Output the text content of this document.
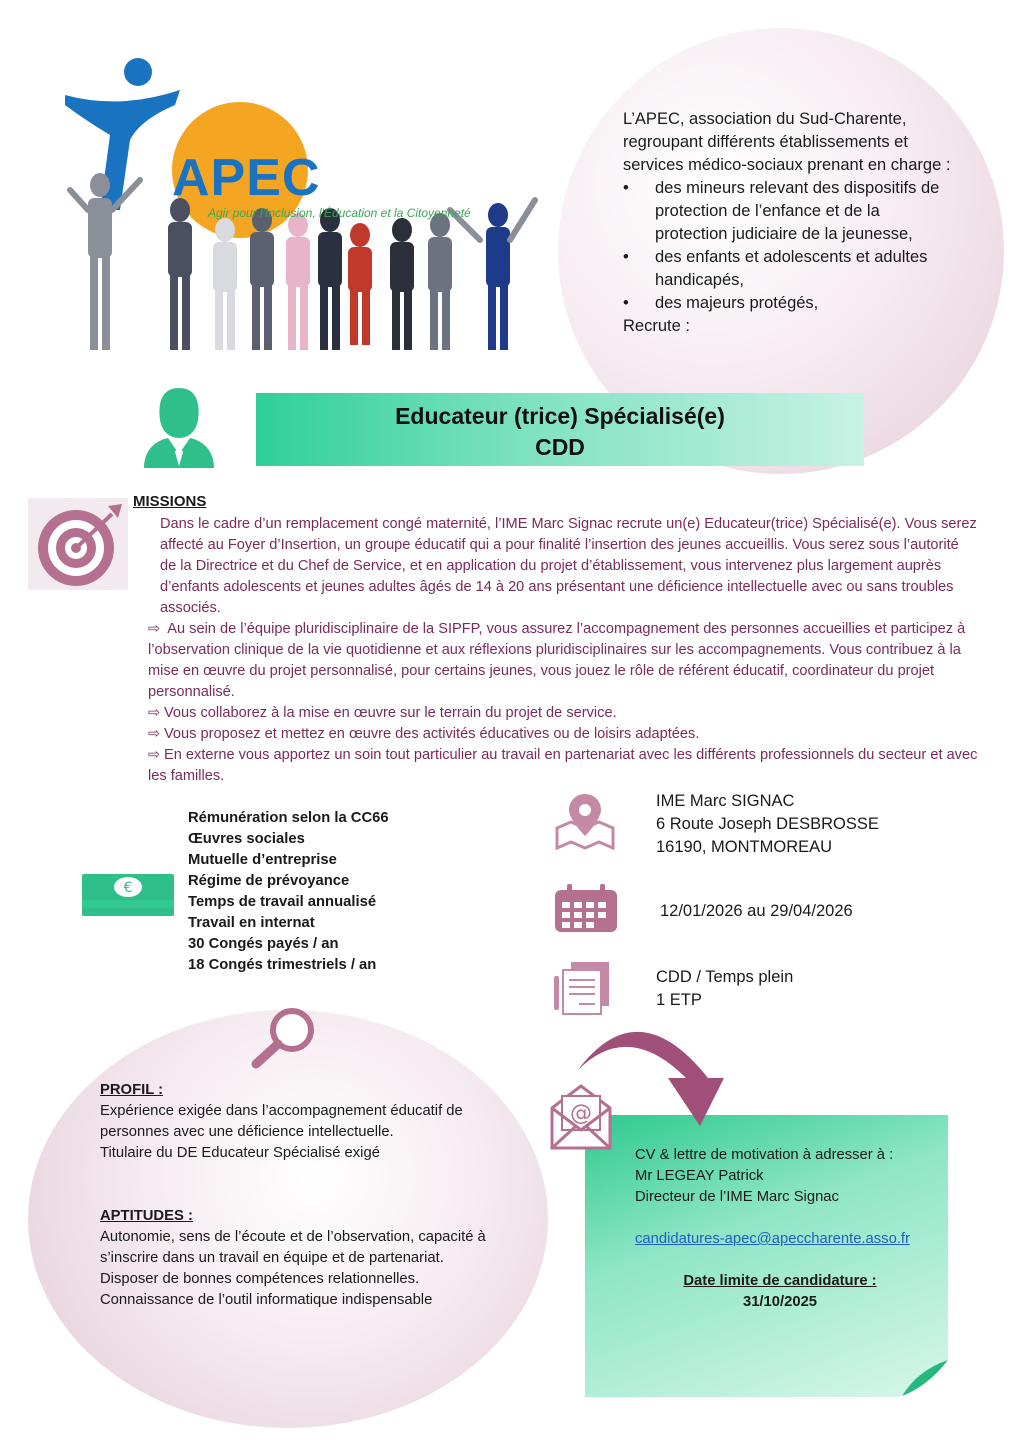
L’APEC, association du Sud-Charente, regroupant différents établissements et services médico-sociaux prenant en charge :
•	des mineurs relevant des dispositifs de protection de l’enfance et de la protection judiciaire de la jeunesse,
•	des enfants et adolescents et adultes handicapés,
•	des majeurs protégés,
Recrute :
APEC
Agir pour l'Inclusion, l'Éducation et la Citoyenneté
Educateur (trice) Spécialisé(e)
CDD
MISSIONS

Dans le cadre d’un remplacement congé maternité, l’IME Marc Signac recrute un(e) Educateur(trice) Spécialisé(e). Vous serez affecté au Foyer d’Insertion, un groupe éducatif qui a pour finalité l’insertion des jeunes accueillis. Vous serez sous l’autorité de la Directrice et du Chef de Service, et en application du projet d’établissement, vous intervenez plus largement auprès d’enfants adolescents et jeunes adultes âgés de 14 à 20 ans présentant une déficience intellectuelle avec ou sans troubles associés.

⇨ Au sein de l’équipe pluridisciplinaire de la SIPFP, vous assurez l’accompagnement des personnes accueillies et participez à l’observation clinique de la vie quotidienne et aux réflexions pluridisciplinaires sur les accompagnements. Vous contribuez à la mise en œuvre du projet personnalisé, pour certains jeunes, vous jouez le rôle de référent éducatif, coordinateur du projet personnalisé.

⇨ Vous collaborez à la mise en œuvre sur le terrain du projet de service.

⇨ Vous proposez et mettez en œuvre des activités éducatives ou de loisirs adaptées.

⇨ En externe vous apportez un soin tout particulier au travail en partenariat avec les différents professionnels du secteur et avec les familles.

€
Rémunération selon la CC66
Œuvres sociales
Mutuelle d’entreprise
Régime de prévoyance
Temps de travail annualisé
Travail en internat
30 Congés payés / an
18 Congés trimestriels / an
IME Marc SIGNAC
6 Route Joseph DESBROSSE
16190, MONTMOREAU
12/01/2026 au 29/04/2026
CDD / Temps plein
1 ETP
PROFIL :
Expérience exigée dans l’accompagnement éducatif de personnes avec une déficience intellectuelle.
Titulaire du DE Educateur Spécialisé exigé
APTITUDES :
Autonomie, sens de l’écoute et de l’observation, capacité à s’inscrire dans un travail en équipe et de partenariat.
Disposer de bonnes compétences relationnelles.
Connaissance de l’outil informatique indispensable
@
CV & lettre de motivation à adresser à :
Mr LEGEAY Patrick
Directeur de l’IME Marc Signac
candidatures-apec@apeccharente.asso.fr
Date limite de candidature :
31/10/2025
